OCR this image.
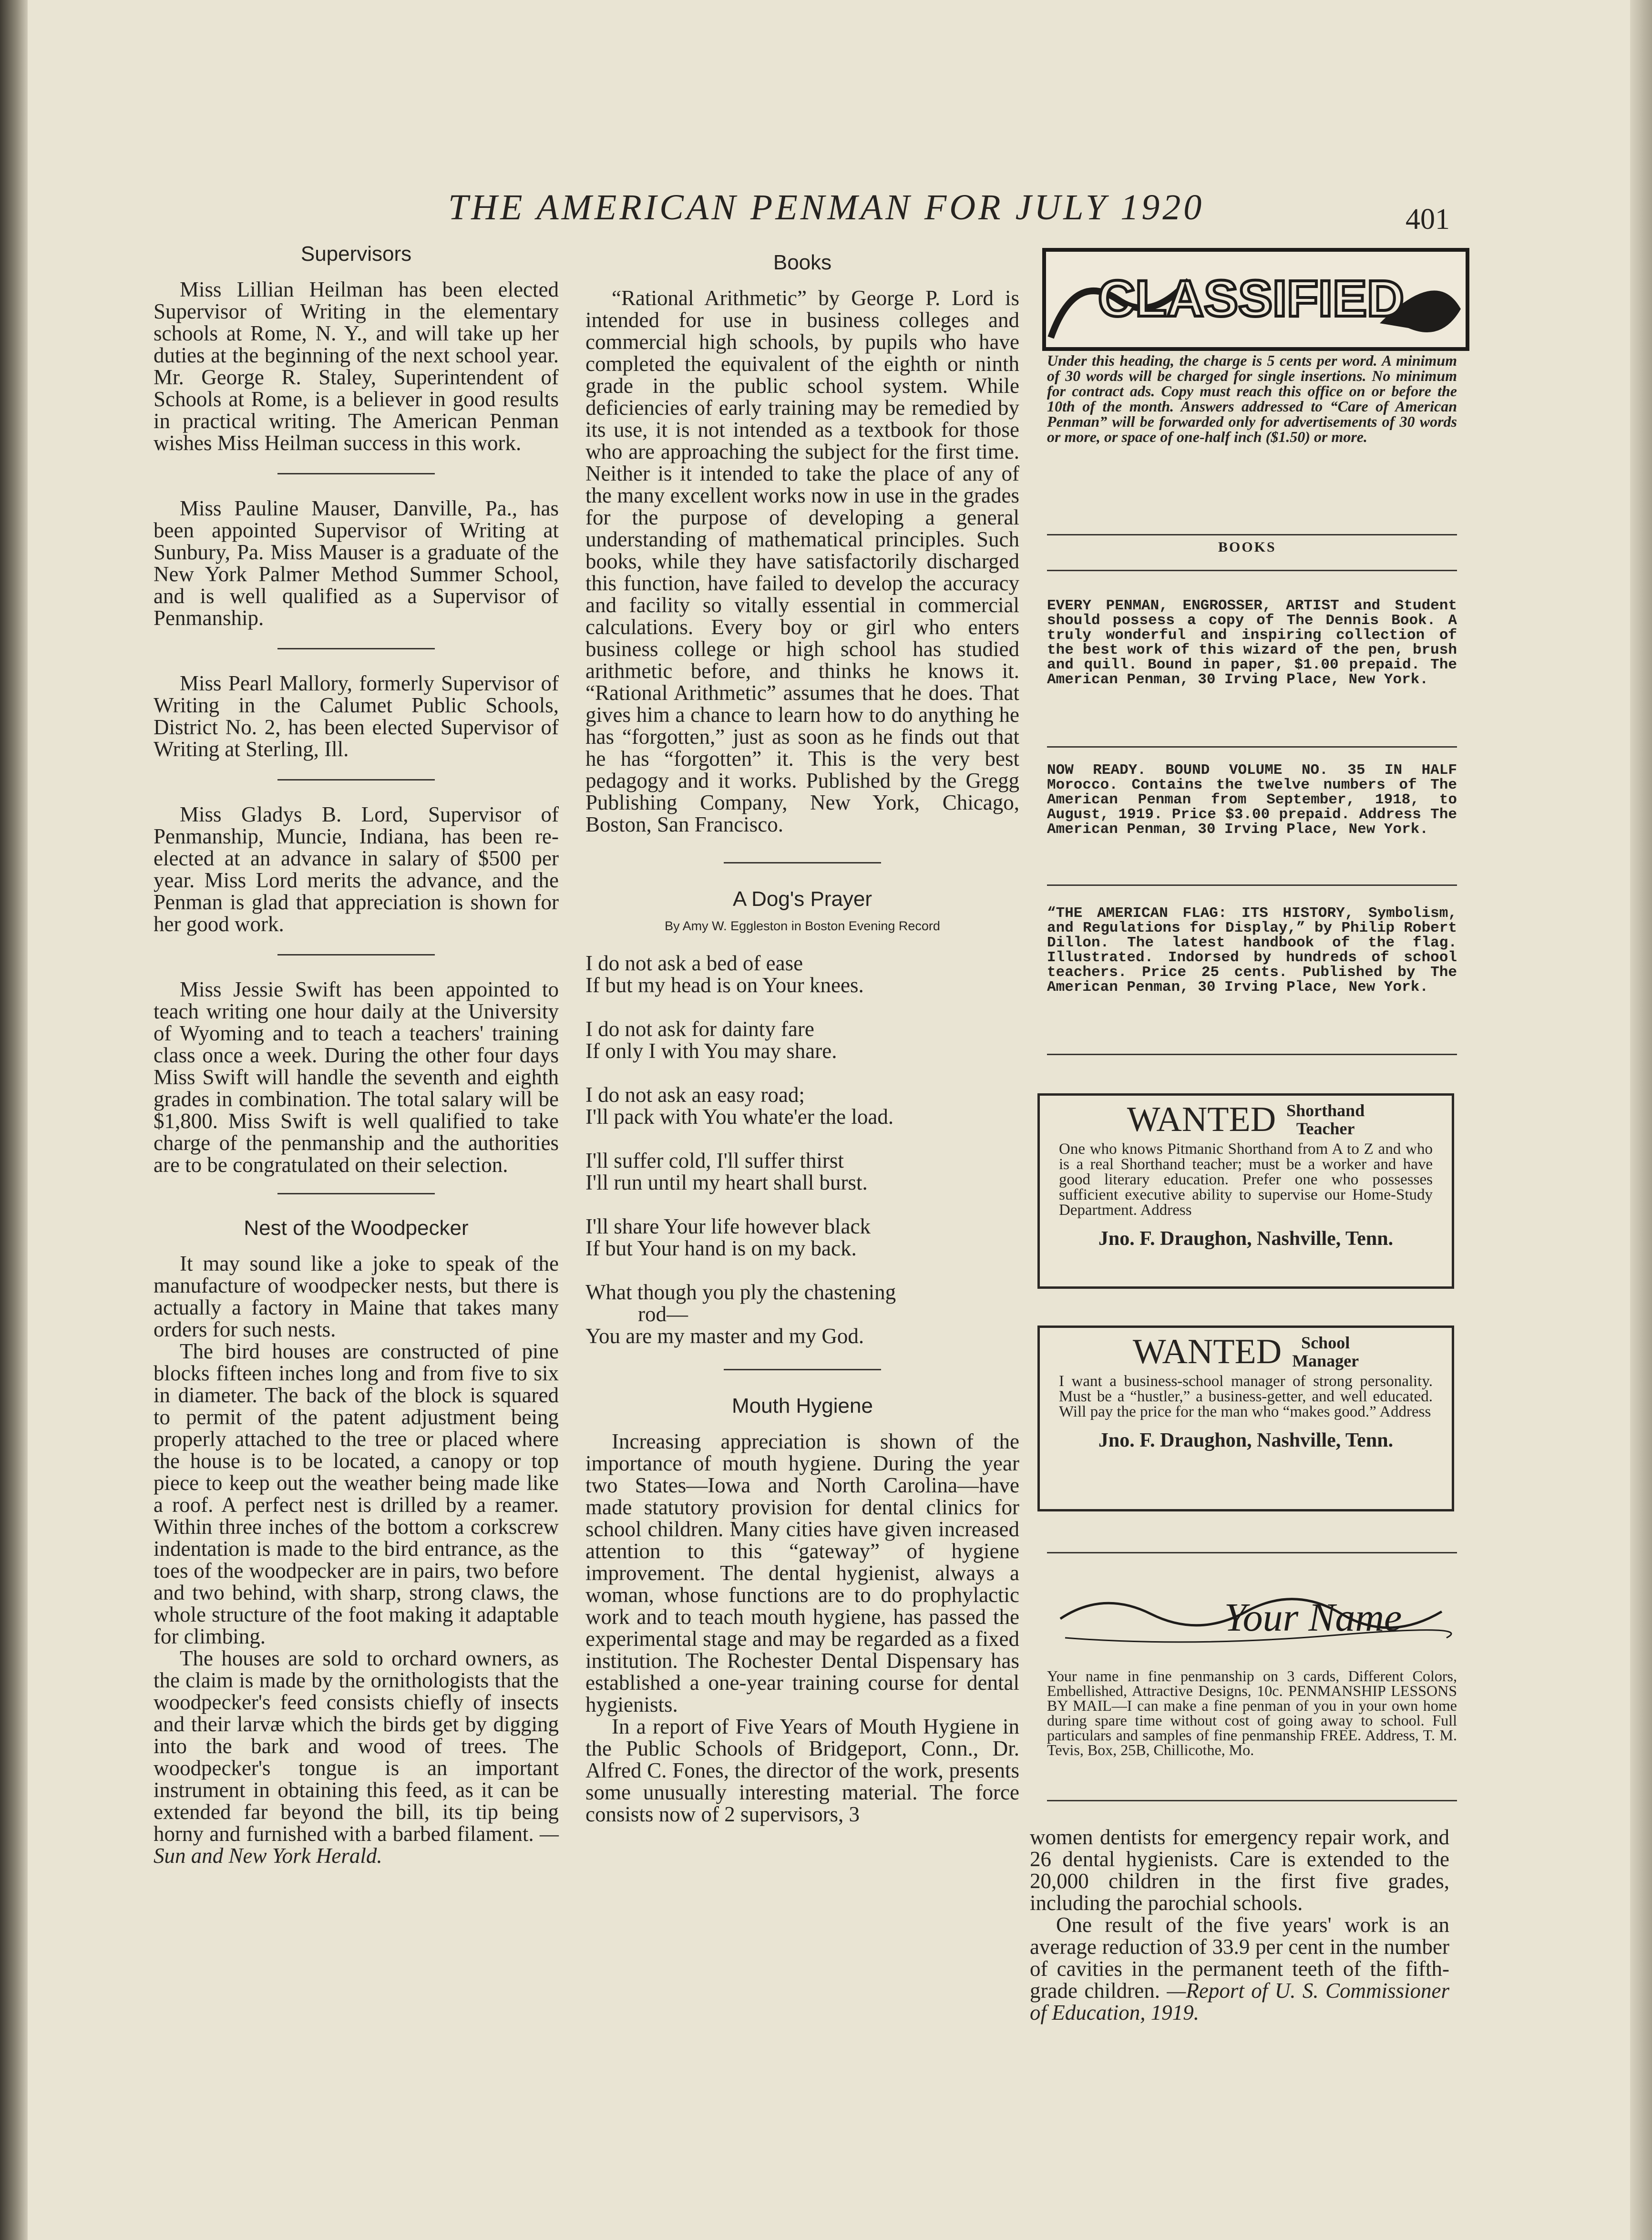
THE AMERICAN PENMAN FOR JULY 1920	401
Supervisors

Miss Lillian Heilman has been elected Supervisor of Writing in the elementary schools at Rome, N. Y., and will take up her duties at the beginning of the next school year. Mr. George R. Staley, Superintendent of Schools at Rome, is a believer in good results in practical writing. The American Penman wishes Miss Heilman success in this work.

Miss Pauline Mauser, Danville, Pa., has been appointed Supervisor of Writing at Sunbury, Pa. Miss Mauser is a graduate of the New York Palmer Method Summer School, and is well qualified as a Supervisor of Penmanship.

Miss Pearl Mallory, formerly Supervisor of Writing in the Calumet Public Schools, District No. 2, has been elected Supervisor of Writing at Sterling, Ill.

Miss Gladys B. Lord, Supervisor of Penmanship, Muncie, Indiana, has been re-elected at an advance in salary of $500 per year. Miss Lord merits the advance, and the Penman is glad that appreciation is shown for her good work.

Miss Jessie Swift has been appointed to teach writing one hour daily at the University of Wyoming and to teach a teachers' training class once a week. During the other four days Miss Swift will handle the seventh and eighth grades in combination. The total salary will be $1,800. Miss Swift is well qualified to take charge of the penmanship and the authorities are to be congratulated on their selection.

Nest of the Woodpecker

It may sound like a joke to speak of the manufacture of woodpecker nests, but there is actually a factory in Maine that takes many orders for such nests.

The bird houses are constructed of pine blocks fifteen inches long and from five to six in diameter. The back of the block is squared to permit of the patent adjustment being properly attached to the tree or placed where the house is to be located, a canopy or top piece to keep out the weather being made like a roof. A perfect nest is drilled by a reamer. Within three inches of the bottom a corkscrew indentation is made to the bird entrance, as the toes of the woodpecker are in pairs, two before and two behind, with sharp, strong claws, the whole structure of the foot making it adaptable for climbing.

The houses are sold to orchard owners, as the claim is made by the ornithologists that the woodpecker's feed consists chiefly of insects and their larvæ which the birds get by digging into the bark and wood of trees. The woodpecker's tongue is an important instrument in obtaining this feed, as it can be extended far beyond the bill, its tip being horny and furnished with a barbed filament. —Sun and New York Herald.

Books

“Rational Arithmetic” by George P. Lord is intended for use in business colleges and commercial high schools, by pupils who have completed the equivalent of the eighth or ninth grade in the public school system. While deficiencies of early training may be remedied by its use, it is not intended as a textbook for those who are approaching the subject for the first time. Neither is it intended to take the place of any of the many excellent works now in use in the grades for the purpose of developing a general understanding of mathematical principles. Such books, while they have satisfactorily discharged this function, have failed to develop the accuracy and facility so vitally essential in commercial calculations. Every boy or girl who enters business college or high school has studied arithmetic before, and thinks he knows it. “Rational Arithmetic” assumes that he does. That gives him a chance to learn how to do anything he has “forgotten,” just as soon as he finds out that he has “forgotten” it. This is the very best pedagogy and it works. Published by the Gregg Publishing Company, New York, Chicago, Boston, San Francisco.

A Dog's Prayer
By Amy W. Eggleston in Boston Evening Record

I do not ask a bed of ease
If but my head is on Your knees.

I do not ask for dainty fare
If only I with You may share.

I do not ask an easy road;
I'll pack with You whate'er the load.

I'll suffer cold, I'll suffer thirst
I'll run until my heart shall burst.

I'll share Your life however black
If but Your hand is on my back.

What though you ply the chastening
rod—
You are my master and my God.

Mouth Hygiene

Increasing appreciation is shown of the importance of mouth hygiene. During the year two States—Iowa and North Carolina—have made statutory provision for dental clinics for school children. Many cities have given increased attention to this “gateway” of hygiene improvement. The dental hygienist, always a woman, whose functions are to do prophylactic work and to teach mouth hygiene, has passed the experimental stage and may be regarded as a fixed institution. The Rochester Dental Dispensary has established a one-year training course for dental hygienists.

In a report of Five Years of Mouth Hygiene in the Public Schools of Bridgeport, Conn., Dr. Alfred C. Fones, the director of the work, presents some unusually interesting material. The force consists now of 2 supervisors, 3

CLASSIFIED
Under this heading, the charge is 5 cents per word. A minimum of 30 words will be charged for single insertions. No minimum for contract ads. Copy must reach this office on or before the 10th of the month. Answers addressed to “Care of American Penman” will be forwarded only for advertisements of 30 words or more, or space of one-half inch ($1.50) or more.
BOOKS
EVERY PENMAN, ENGROSSER, ARTIST and Student should possess a copy of The Dennis Book. A truly wonderful and inspiring collection of the best work of this wizard of the pen, brush and quill. Bound in paper, $1.00 prepaid. The American Penman, 30 Irving Place, New York.
NOW READY. BOUND VOLUME NO. 35 IN HALF Morocco. Contains the twelve numbers of The American Penman from September, 1918, to August, 1919. Price $3.00 prepaid. Address The American Penman, 30 Irving Place, New York.
“THE AMERICAN FLAG: ITS HISTORY, Symbolism, and Regulations for Display,” by Philip Robert Dillon. The latest handbook of the flag. Illustrated. Indorsed by hundreds of school teachers. Price 25 cents. Published by The American Penman, 30 Irving Place, New York.
WANTED Shorthand
Teacher
One who knows Pitmanic Shorthand from A to Z and who is a real Shorthand teacher; must be a worker and have good literary education. Prefer one who possesses sufficient executive ability to supervise our Home-Study Department. Address
Jno. F. Draughon, Nashville, Tenn.
WANTED School
Manager
I want a business-school manager of strong personality. Must be a “hustler,” a business-getter, and well educated. Will pay the price for the man who “makes good.” Address
Jno. F. Draughon, Nashville, Tenn.
Your Name
Your name in fine penmanship on 3 cards, Different Colors, Embellished, Attractive Designs, 10c. PENMANSHIP LESSONS BY MAIL—I can make a fine penman of you in your own home during spare time without cost of going away to school. Full particulars and samples of fine penmanship FREE. Address, T. M. Tevis, Box, 25B, Chillicothe, Mo.

women dentists for emergency repair work, and 26 dental hygienists. Care is extended to the 20,000 children in the first five grades, including the parochial schools.

One result of the five years' work is an average reduction of 33.9 per cent in the number of cavities in the permanent teeth of the fifth-grade children. —Report of U. S. Commissioner of Education, 1919.
